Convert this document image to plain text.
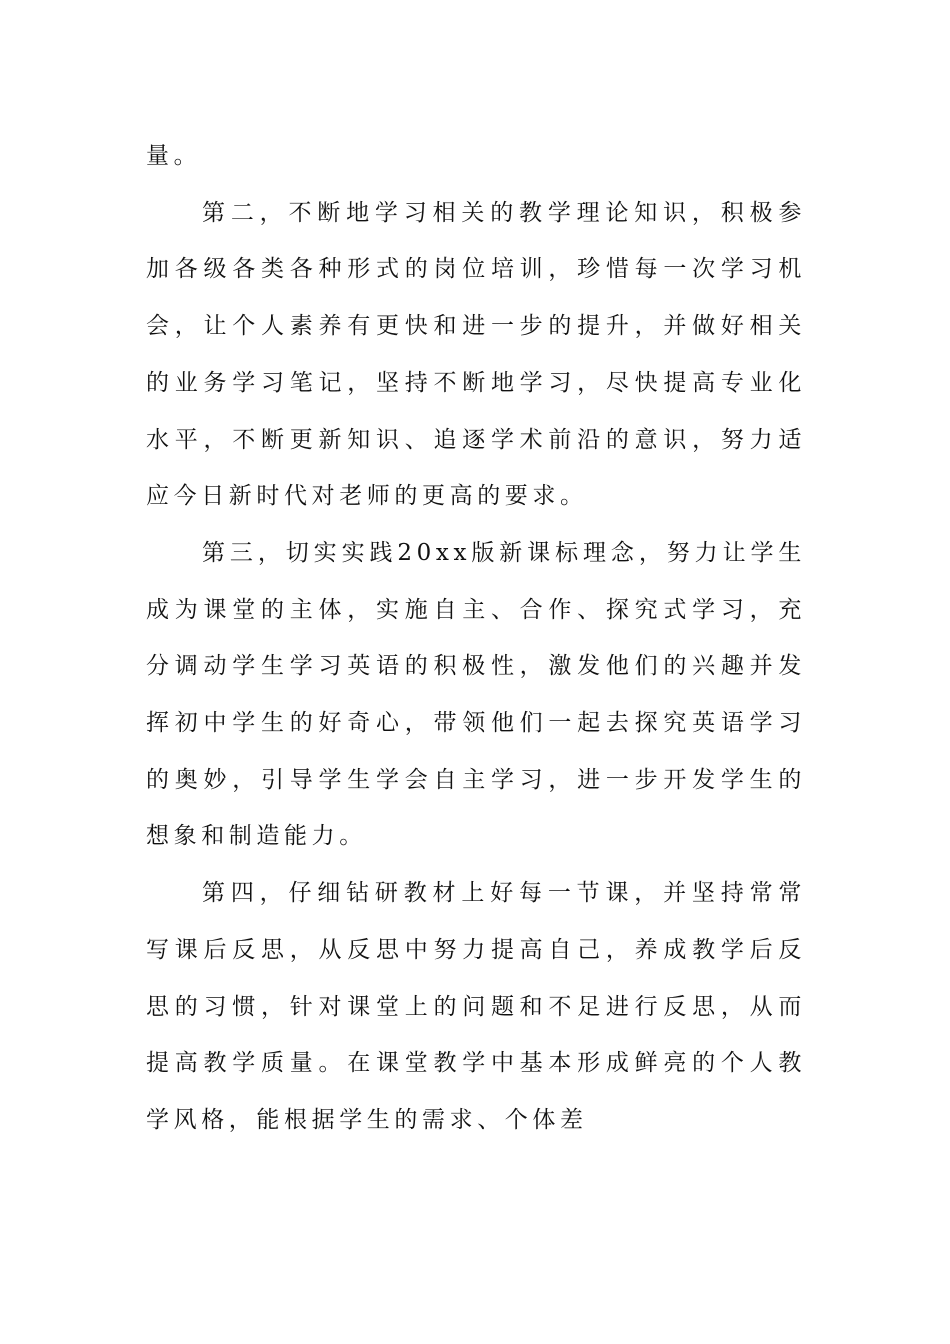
量。

第二，不断地学习相关的教学理论知识，积极参加各级各类各种形式的岗位培训，珍惜每一次学习机会，让个人素养有更快和进一步的提升，并做好相关的业务学习笔记，坚持不断地学习，尽快提高专业化水平，不断更新知识、追逐学术前沿的意识，努力适应今日新时代对老师的更高的要求。

第三，切实实践20xx版新课标理念，努力让学生成为课堂的主体，实施自主、合作、探究式学习，充分调动学生学习英语的积极性，激发他们的兴趣并发挥初中学生的好奇心，带领他们一起去探究英语学习的奥妙，引导学生学会自主学习，进一步开发学生的想象和制造能力。

第四，仔细钻研教材上好每一节课，并坚持常常写课后反思，从反思中努力提高自己，养成教学后反思的习惯，针对课堂上的问题和不足进行反思，从而提高教学质量。在课堂教学中基本形成鲜亮的个人教学风格，能根据学生的需求、个体差
